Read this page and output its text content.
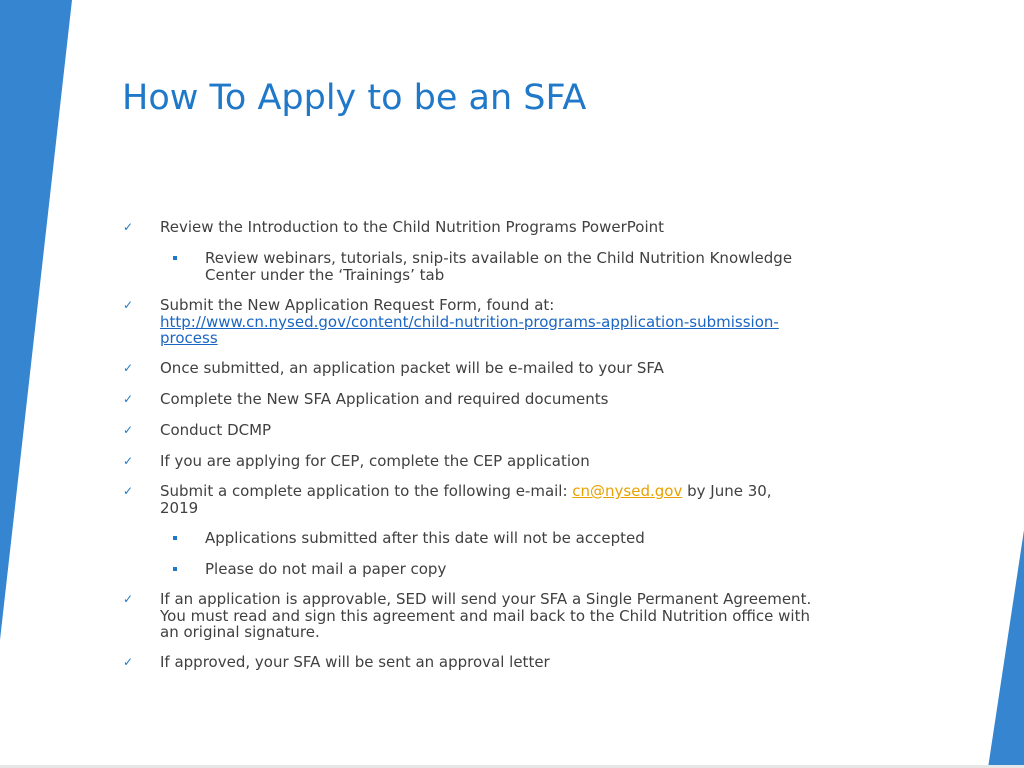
How To Apply to be an SFA
✓ Review the Introduction to the Child Nutrition Programs PowerPoint
Review webinars, tutorials, snip-its available on the Child Nutrition Knowledge Center under the ‘Trainings’ tab
✓ Submit the New Application Request Form, found at:
http://www.cn.nysed.gov/content/child-nutrition-programs-application-submission-process
✓ Once submitted, an application packet will be e-mailed to your SFA
✓ Complete the New SFA Application and required documents
✓ Conduct DCMP
✓ If you are applying for CEP, complete the CEP application
✓ Submit a complete application to the following e-mail: cn@nysed.gov by June 30, 2019
Applications submitted after this date will not be accepted
Please do not mail a paper copy
✓ If an application is approvable, SED will send your SFA a Single Permanent Agreement. You must read and sign this agreement and mail back to the Child Nutrition office with an original signature.
✓ If approved, your SFA will be sent an approval letter
